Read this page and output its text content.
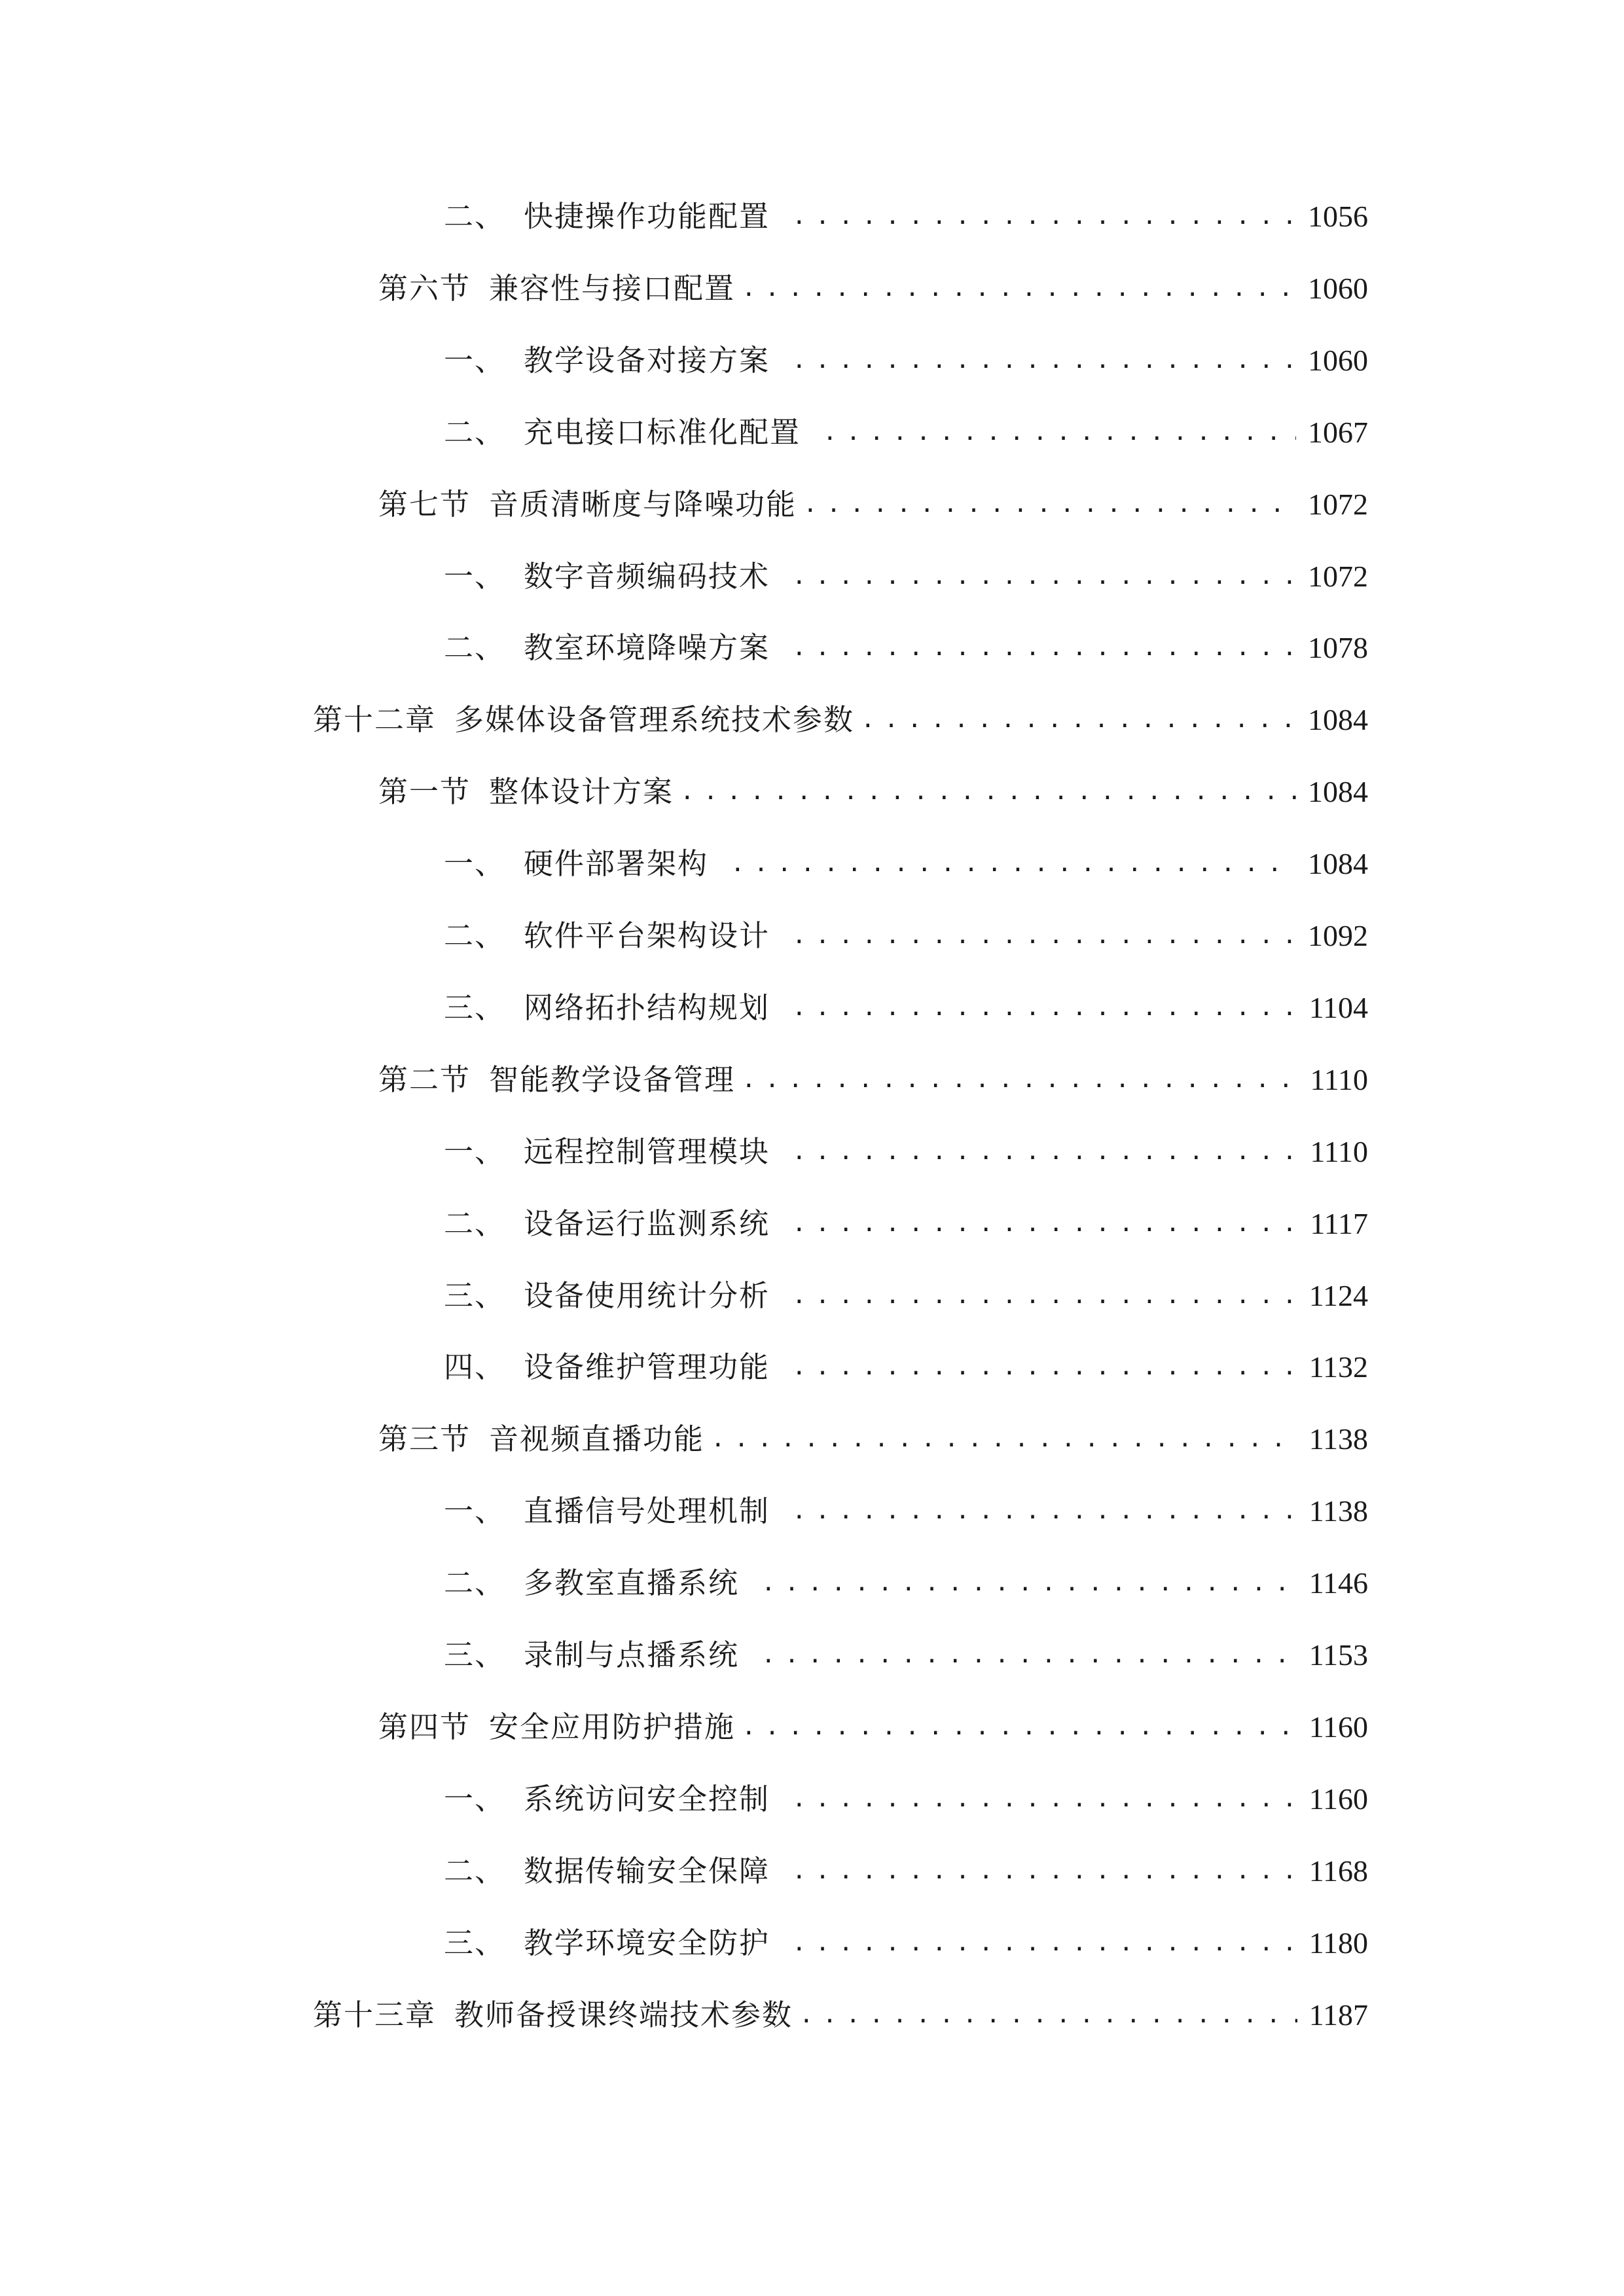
二、 快捷操作功能配置 .....	1056
第六节 兼容性与接口配置 .....	1060
一、 教学设备对接方案 .....	1060
二、 充电接口标准化配置 .....	1067
第七节 音质清晰度与降噪功能 .....	1072
一、 数字音频编码技术 .....	1072
二、 教室环境降噪方案 .....	1078
第十二章 多媒体设备管理系统技术参数 .....	1084
第一节 整体设计方案 .....	1084
一、 硬件部署架构 .....	1084
二、 软件平台架构设计 .....	1092
三、 网络拓扑结构规划 .....	1104
第二节 智能教学设备管理 .....	1110
一、 远程控制管理模块 .....	1110
二、 设备运行监测系统 .....	1117
三、 设备使用统计分析 .....	1124
四、 设备维护管理功能 .....	1132
第三节 音视频直播功能 .....	1138
一、 直播信号处理机制 .....	1138
二、 多教室直播系统 .....	1146
三、 录制与点播系统 .....	1153
第四节 安全应用防护措施 .....	1160
一、 系统访问安全控制 .....	1160
二、 数据传输安全保障 .....	1168
三、 教学环境安全防护 .....	1180
第十三章 教师备授课终端技术参数 .....	1187
